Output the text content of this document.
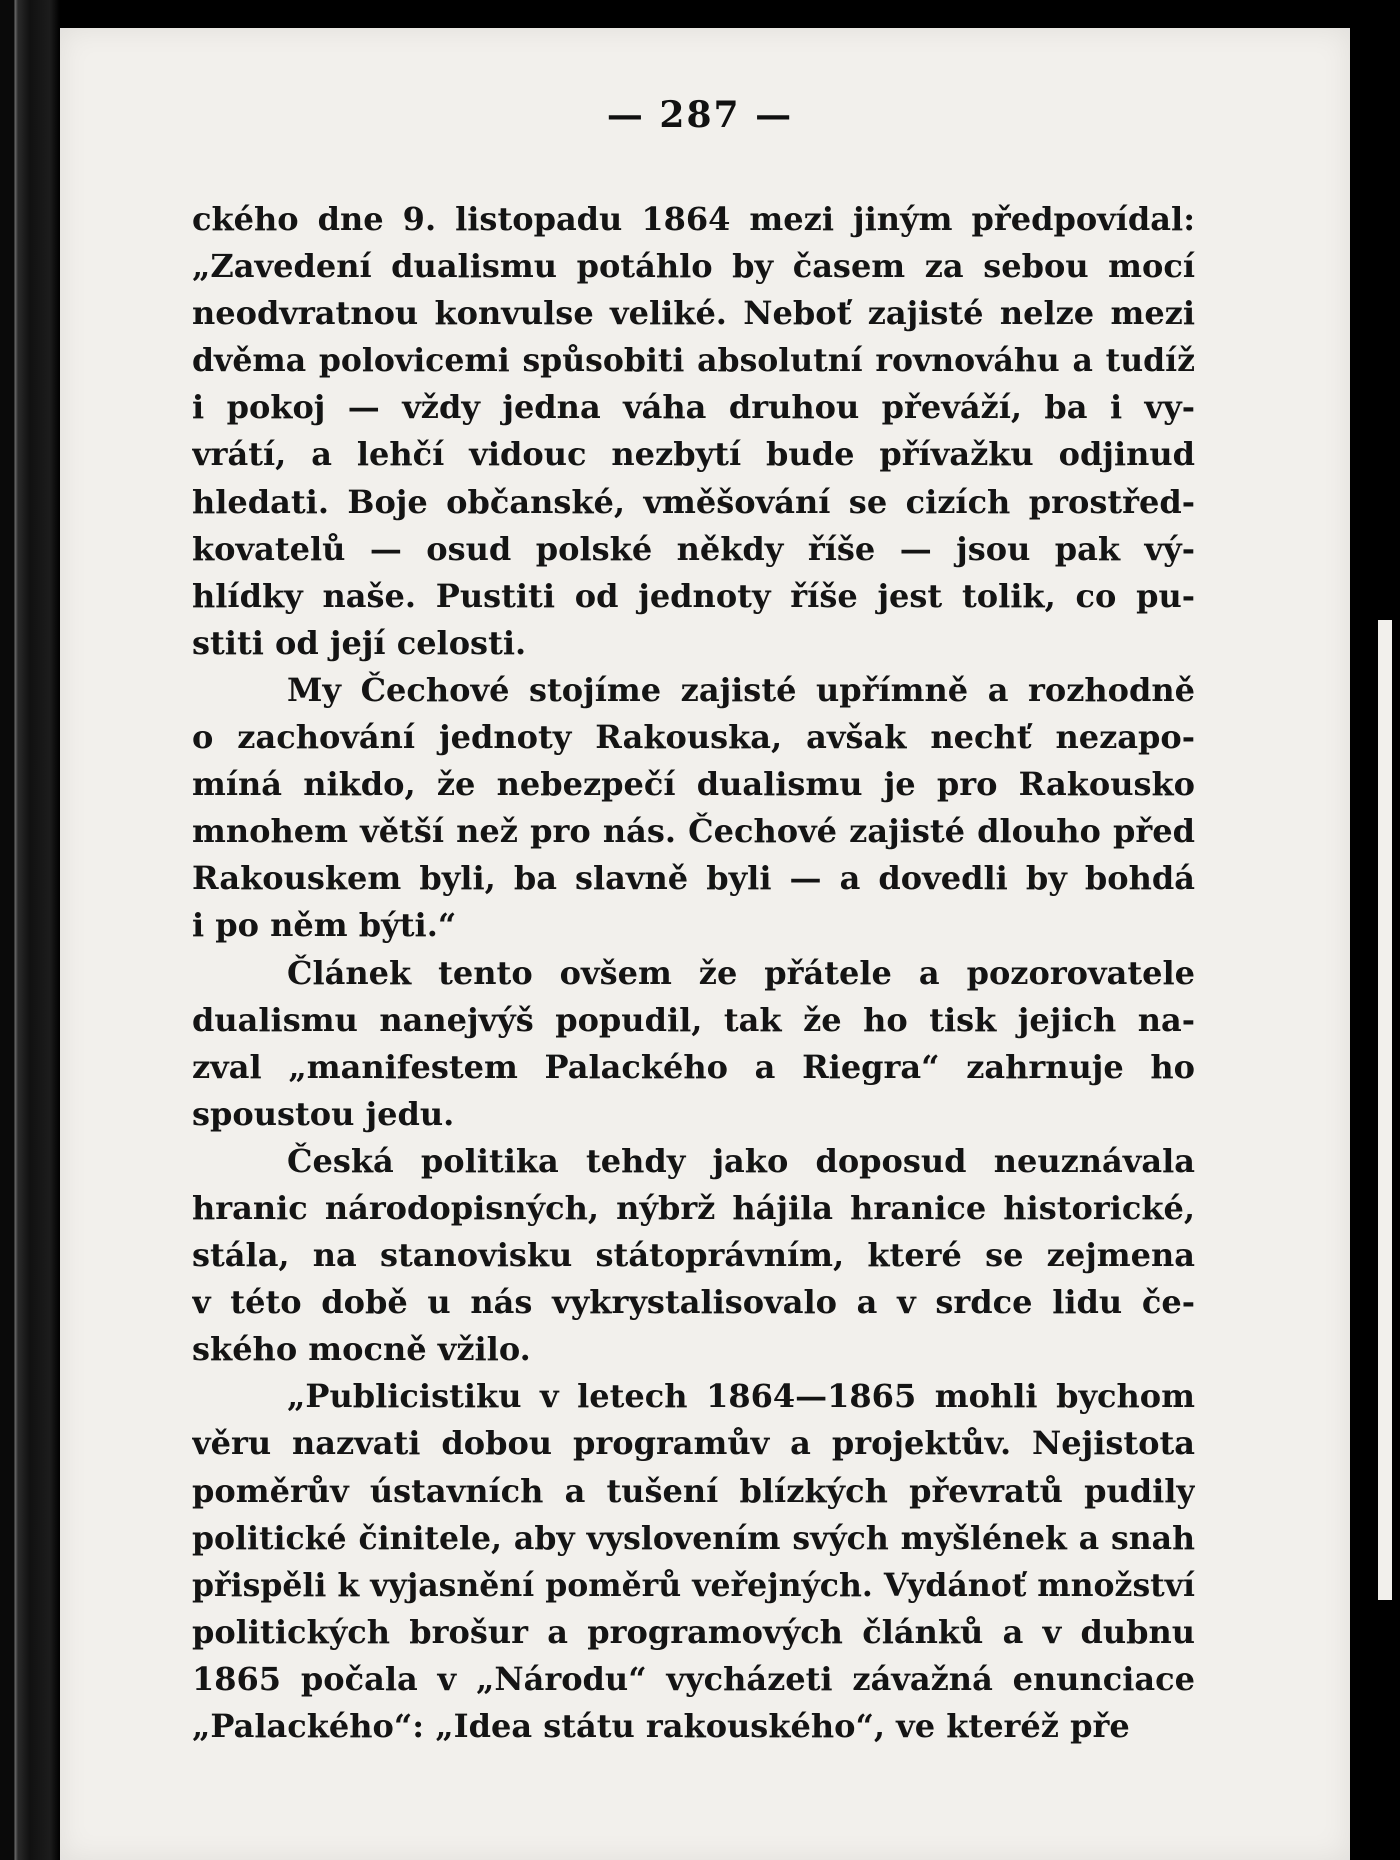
— 287 —
ckého dne 9. listopadu 1864 mezi jiným předpovídal:
„Zavedení dualismu potáhlo by časem za sebou mocí
neodvratnou konvulse veliké. Neboť zajisté nelze mezi
dvěma polovicemi spůsobiti absolutní rovnováhu a tudíž
i pokoj — vždy jedna váha druhou převáží, ba i vy-
vrátí, a lehčí vidouc nezbytí bude přívažku odjinud
hledati. Boje občanské, vměšování se cizích prostřed-
kovatelů — osud polské někdy říše — jsou pak vý-
hlídky naše. Pustiti od jednoty říše jest tolik, co pu-
stiti od její celosti.
My Čechové stojíme zajisté upřímně a rozhodně
o zachování jednoty Rakouska, avšak nechť nezapo-
míná nikdo, že nebezpečí dualismu je pro Rakousko
mnohem větší než pro nás. Čechové zajisté dlouho před
Rakouskem byli, ba slavně byli — a dovedli by bohdá
i po něm býti.“
Článek tento ovšem že přátele a pozorovatele
dualismu nanejvýš popudil, tak že ho tisk jejich na-
zval „manifestem Palackého a Riegra“ zahrnuje ho
spoustou jedu.
Česká politika tehdy jako doposud neuznávala
hranic národopisných, nýbrž hájila hranice historické,
stála, na stanovisku státoprávním, které se zejmena
v této době u nás vykrystalisovalo a v srdce lidu če-
ského mocně vžilo.
„Publicistiku v letech 1864—1865 mohli bychom
věru nazvati dobou programův a projektův. Nejistota
poměrův ústavních a tušení blízkých převratů pudily
politické činitele, aby vyslovením svých myšlének a snah
přispěli k vyjasnění poměrů veřejných. Vydánoť množství
politických brošur a programových článků a v dubnu
1865 počala v „Národu“ vycházeti závažná enunciace
„Palackého“: „Idea státu rakouského“, ve kteréž pře
